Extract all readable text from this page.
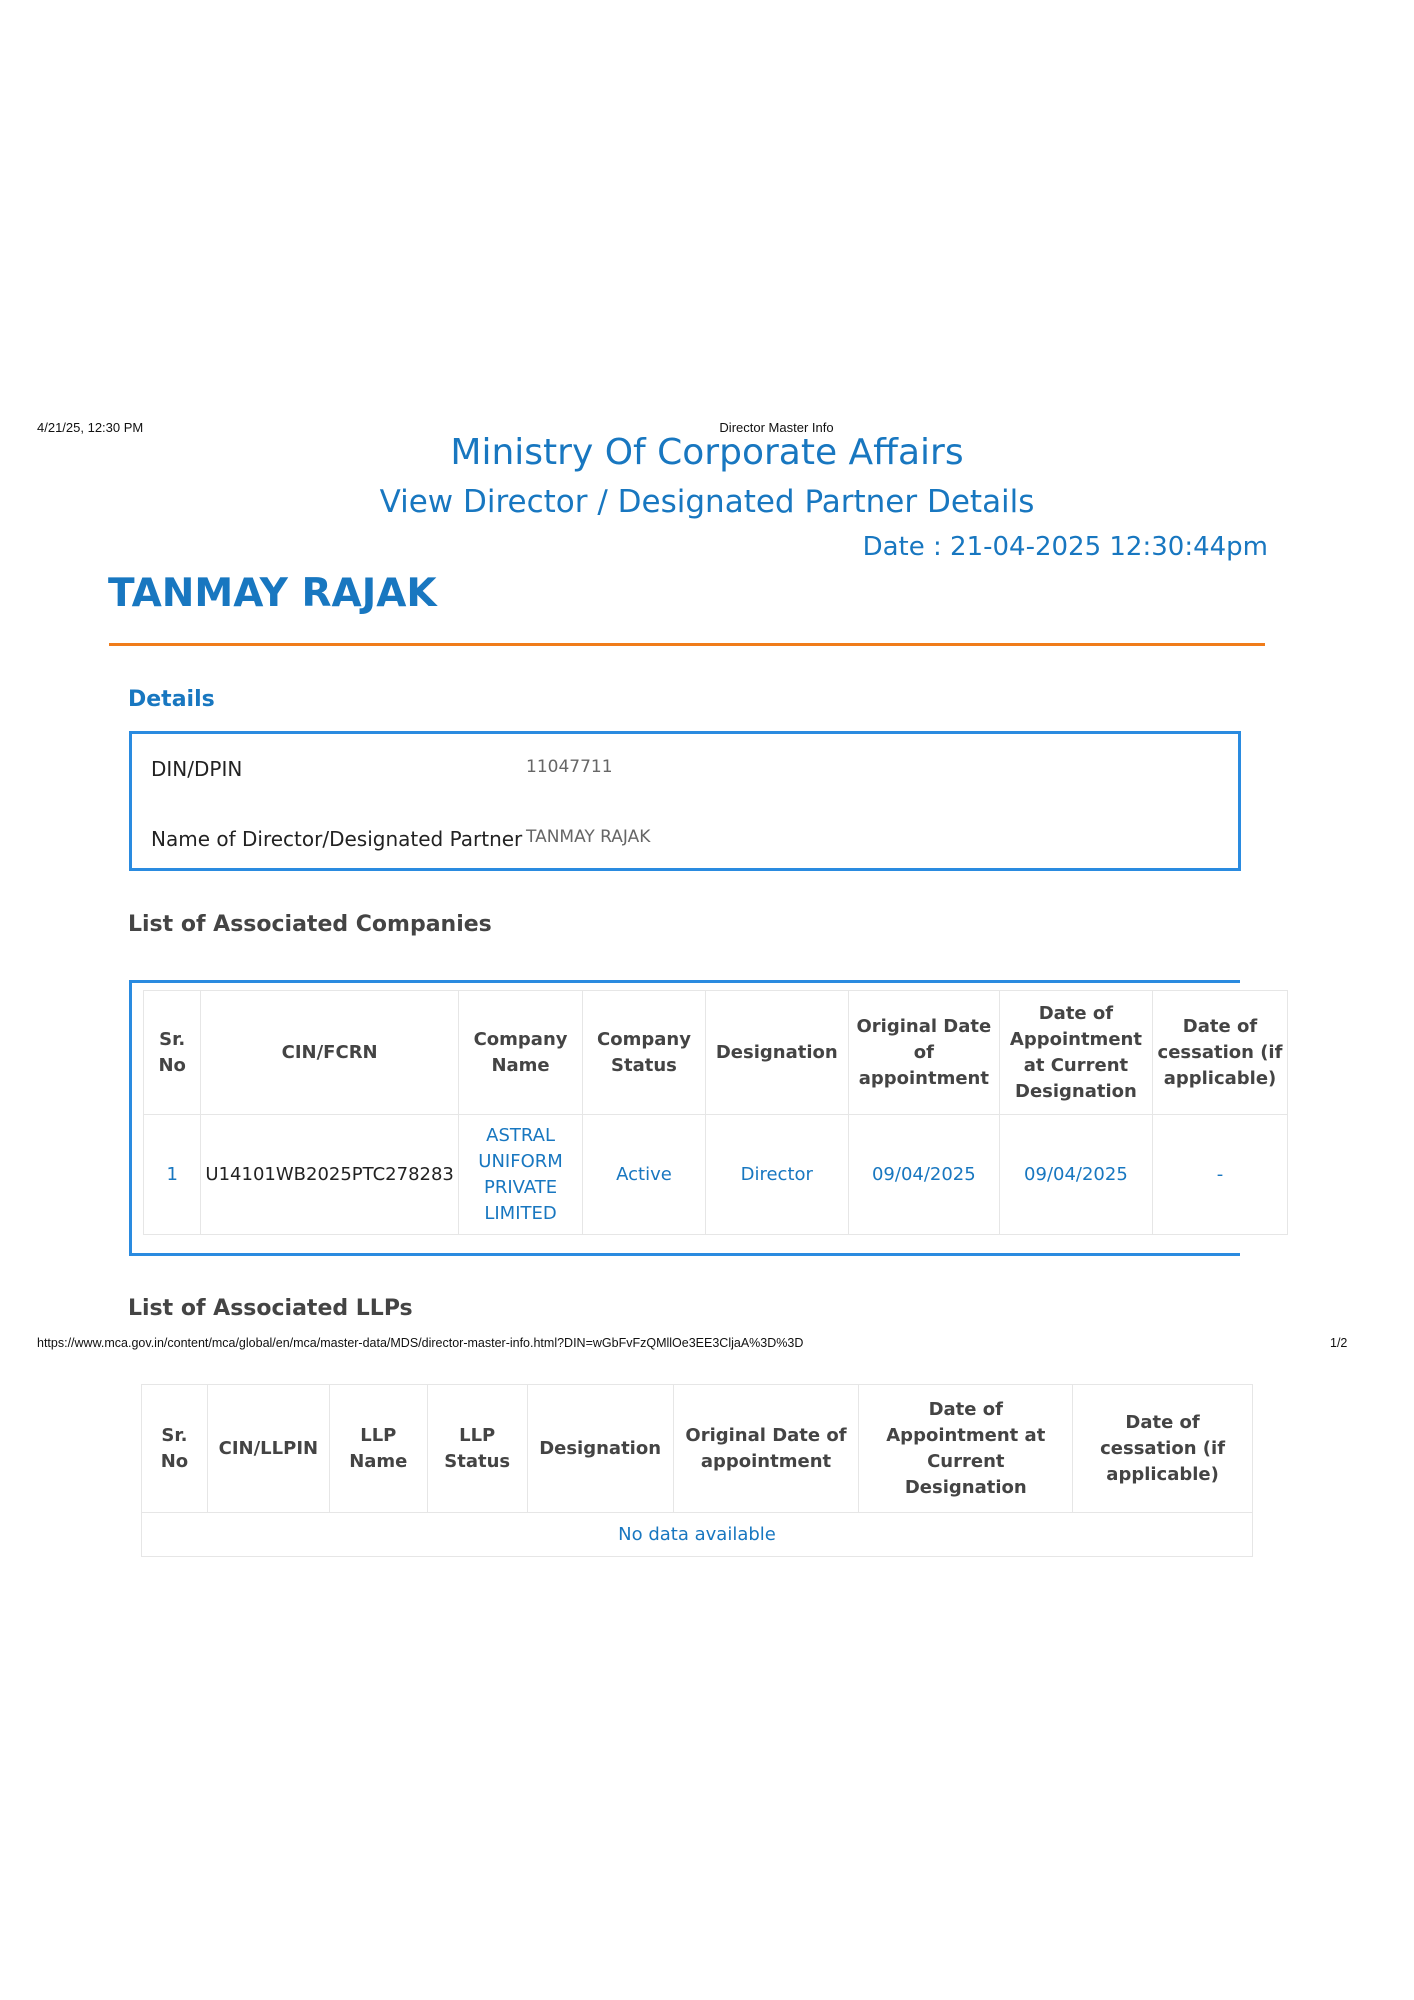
4/21/25, 12:30 PM	Director Master Info
Ministry Of Corporate Affairs
View Director / Designated Partner Details
Date : 21-04-2025 12:30:44pm
TANMAY RAJAK
Details
DIN/DPIN	11047711
Name of Director/Designated Partner TANMAY RAJAK
List of Associated Companies
Sr. No	CIN/FCRN	Company Name	Company Status	Designation	Original Date of appointment	Date of Appointment at Current Designation	Date of cessation (if applicable)
1	U14101WB2025PTC278283	ASTRAL UNIFORM PRIVATE LIMITED	Active	Director	09/04/2025	09/04/2025	-
List of Associated LLPs
https://www.mca.gov.in/content/mca/global/en/mca/master-data/MDS/director-master-info.html?DIN=wGbFvFzQMllOe3EE3CljaA%3D%3D	1/2
Sr. No	CIN/LLPIN	LLP Name	LLP Status	Designation	Original Date of appointment	Date of Appointment at Current Designation	Date of cessation (if applicable)
No data available
